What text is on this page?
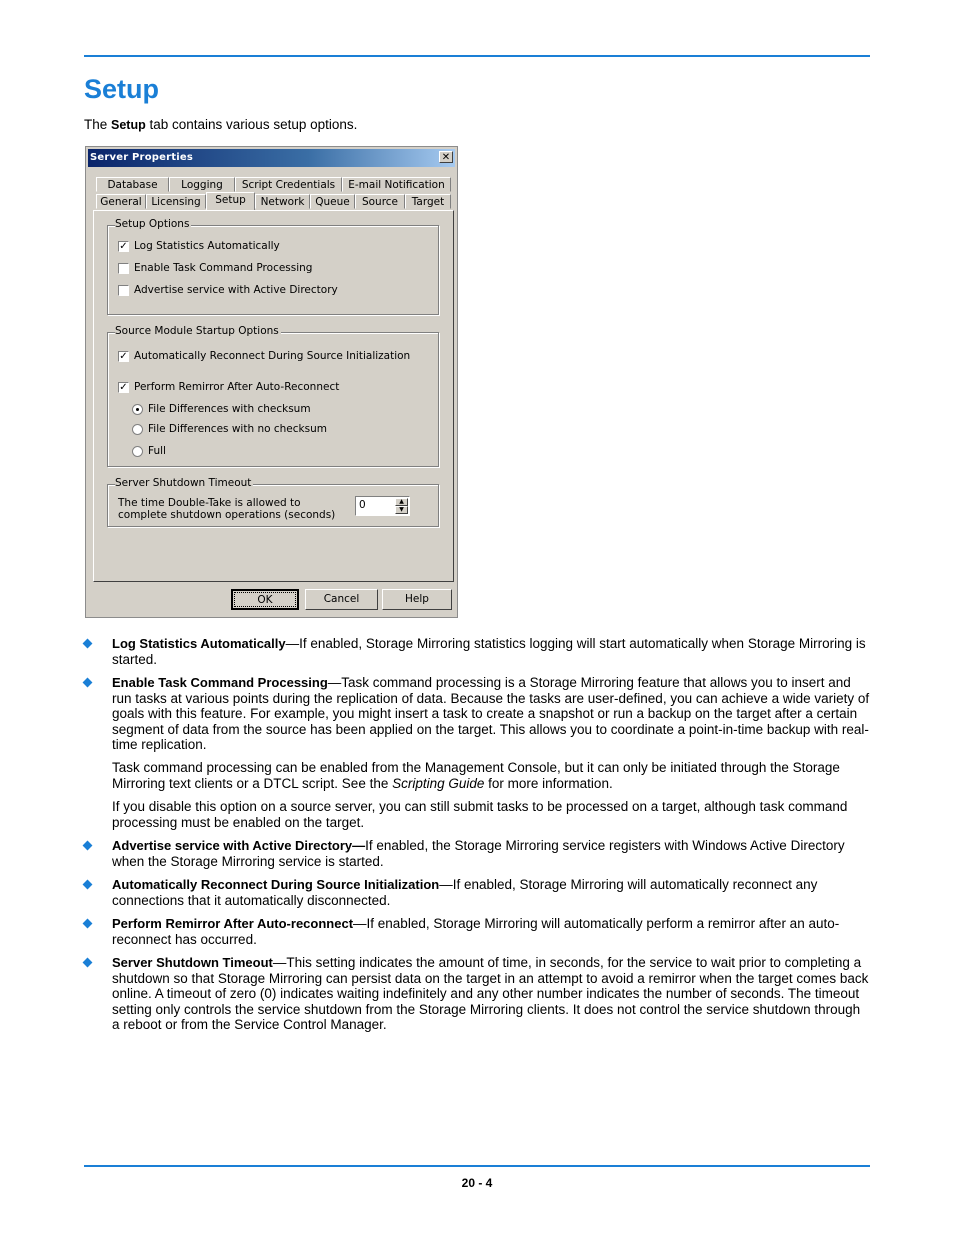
Setup

The Setup tab contains various setup options.

Server Properties	✕
Database	Logging	Script Credentials	E-mail Notification
General Licensing	Setup	Network	Queue	Source	Target
Setup Options
✓ Log Statistics Automatically
Enable Task Command Processing
Advertise service with Active Directory
Source Module Startup Options
✓ Automatically Reconnect During Source Initialization
✓ Perform Remirror After Auto-Reconnect
File Differences with checksum
File Differences with no checksum
Full
Server Shutdown Timeout
The time Double-Take is allowed to complete shutdown operations (seconds)
0	▲
▼
OK	Cancel	Help

Log Statistics Automatically—If enabled, Storage Mirroring statistics logging will start automatically when Storage Mirroring is started.

Enable Task Command Processing—Task command processing is a Storage Mirroring feature that allows you to insert and run tasks at various points during the replication of data. Because the tasks are user-defined, you can achieve a wide variety of goals with this feature. For example, you might insert a task to create a snapshot or run a backup on the target after a certain segment of data from the source has been applied on the target. This allows you to coordinate a point-in-time backup with real-time replication.

Task command processing can be enabled from the Management Console, but it can only be initiated through the Storage Mirroring text clients or a DTCL script. See the Scripting Guide for more information.

If you disable this option on a source server, you can still submit tasks to be processed on a target, although task command processing must be enabled on the target.

Advertise service with Active Directory—If enabled, the Storage Mirroring service registers with Windows Active Directory when the Storage Mirroring service is started.

Automatically Reconnect During Source Initialization—If enabled, Storage Mirroring will automatically reconnect any connections that it automatically disconnected.

Perform Remirror After Auto-reconnect—If enabled, Storage Mirroring will automatically perform a remirror after an auto-reconnect has occurred.

Server Shutdown Timeout—This setting indicates the amount of time, in seconds, for the service to wait prior to completing a shutdown so that Storage Mirroring can persist data on the target in an attempt to avoid a remirror when the target comes back online. A timeout of zero (0) indicates waiting indefinitely and any other number indicates the number of seconds. The timeout setting only controls the service shutdown from the Storage Mirroring clients. It does not control the service shutdown through a reboot or from the Service Control Manager.

20 - 4
